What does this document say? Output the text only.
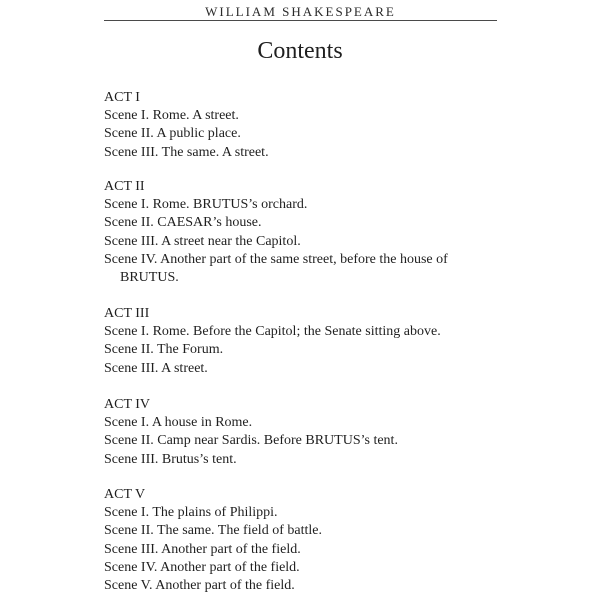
WILLIAM SHAKESPEARE
Contents
ACT I
Scene I. Rome. A street.
Scene II. A public place.
Scene III. The same. A street.
ACT II
Scene I. Rome. BRUTUS’s orchard.
Scene II. CAESAR’s house.
Scene III. A street near the Capitol.
Scene IV. Another part of the same street, before the house of
BRUTUS.
ACT III
Scene I. Rome. Before the Capitol; the Senate sitting above.
Scene II. The Forum.
Scene III. A street.
ACT IV
Scene I. A house in Rome.
Scene II. Camp near Sardis. Before BRUTUS’s tent.
Scene III. Brutus’s tent.
ACT V
Scene I. The plains of Philippi.
Scene II. The same. The field of battle.
Scene III. Another part of the field.
Scene IV. Another part of the field.
Scene V. Another part of the field.
